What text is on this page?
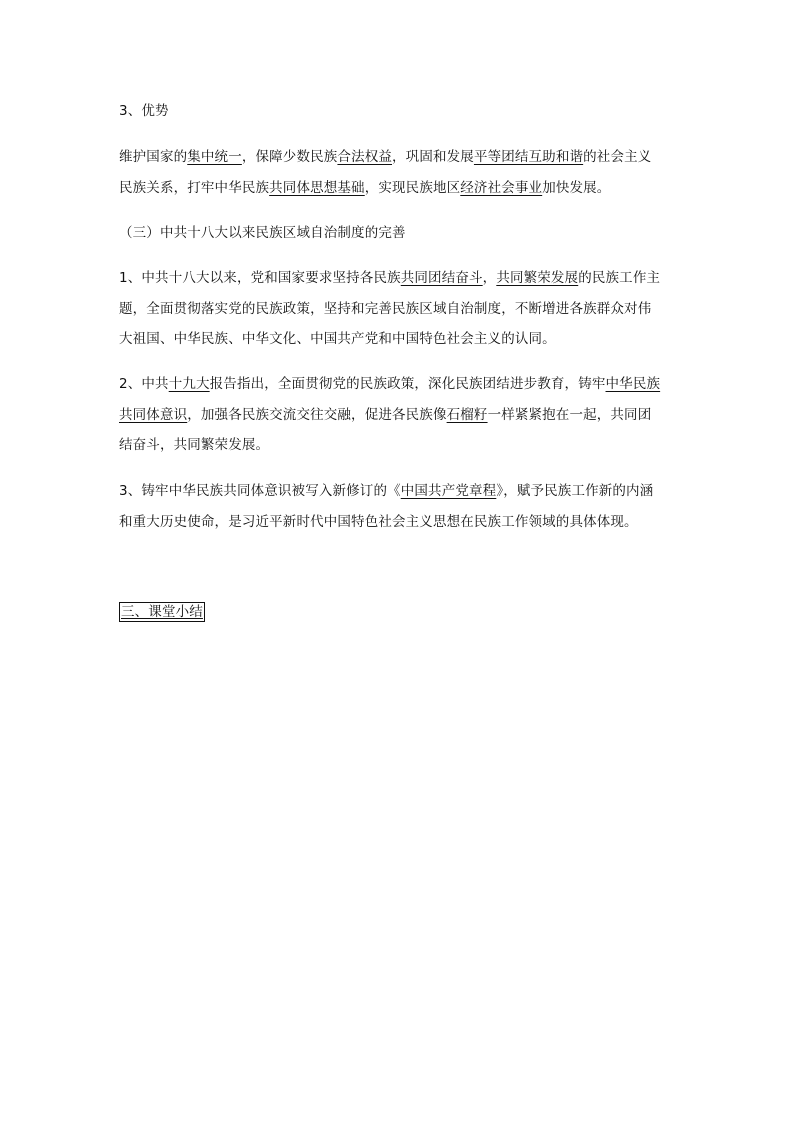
3、优势
维护国家的集中统一，保障少数民族合法权益，巩固和发展平等团结互助和谐的社会主义
民族关系，打牢中华民族共同体思想基础，实现民族地区经济社会事业加快发展。
（三）中共十八大以来民族区域自治制度的完善
1、中共十八大以来，党和国家要求坚持各民族共同团结奋斗，共同繁荣发展的民族工作主
题，全面贯彻落实党的民族政策，坚持和完善民族区域自治制度，不断增进各族群众对伟
大祖国、中华民族、中华文化、中国共产党和中国特色社会主义的认同。
2、中共十九大报告指出，全面贯彻党的民族政策，深化民族团结进步教育，铸牢中华民族
共同体意识，加强各民族交流交往交融，促进各民族像石榴籽一样紧紧抱在一起，共同团
结奋斗，共同繁荣发展。
3、铸牢中华民族共同体意识被写入新修订的《中国共产党章程》，赋予民族工作新的内涵
和重大历史使命，是习近平新时代中国特色社会主义思想在民族工作领域的具体体现。
三、课堂小结
